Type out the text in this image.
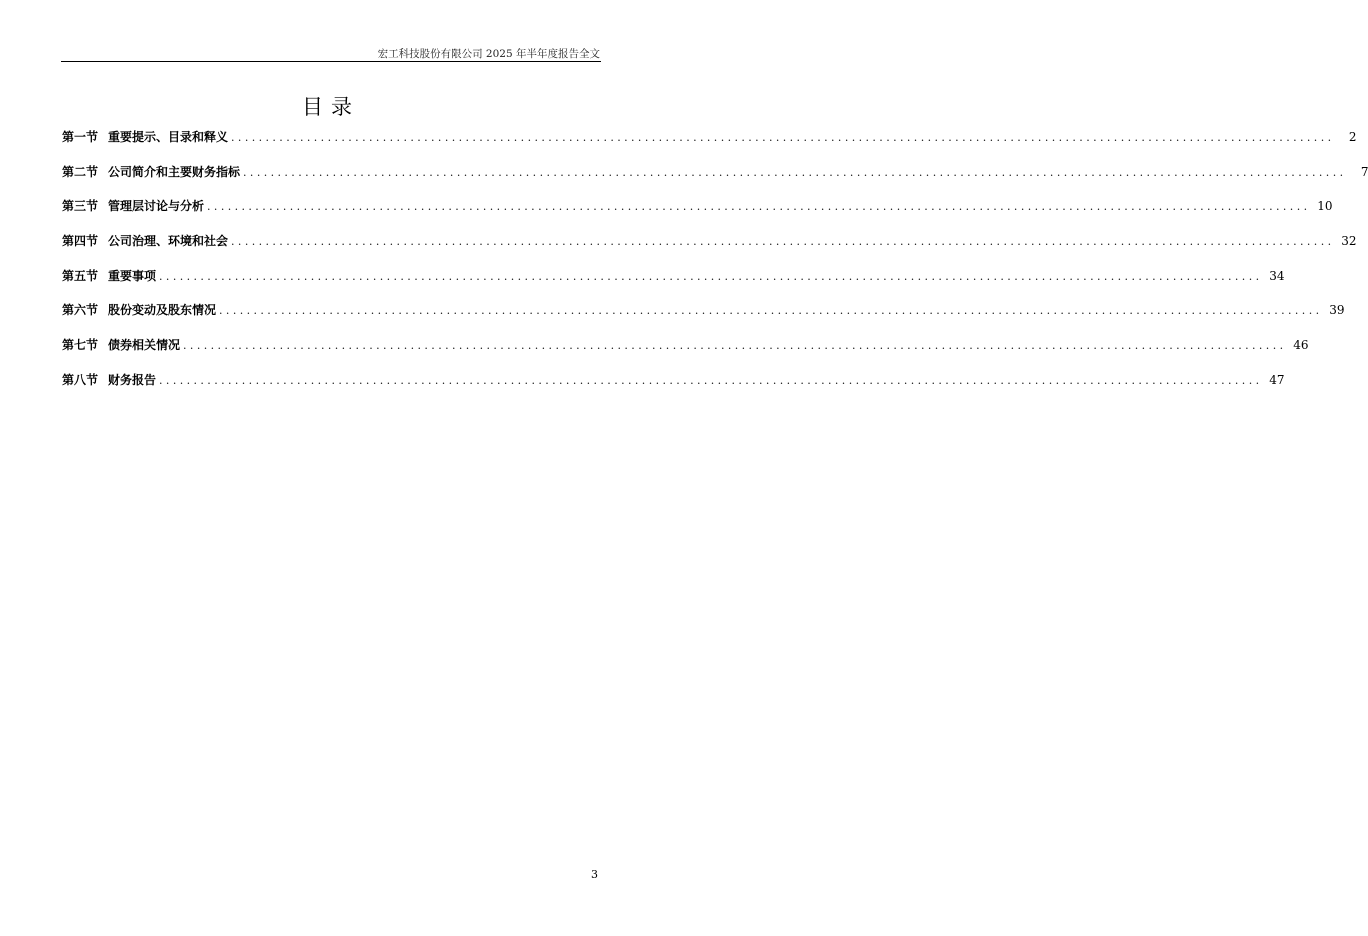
宏工科技股份有限公司 2025 年半年度报告全文
目录
第一节 重要提示、目录和释义 ................................................................................................................................................................	2
第二节 公司简介和主要财务指标 ................................................................................................................................................................	7
第三节 管理层讨论与分析 ................................................................................................................................................................ 10
第四节 公司治理、环境和社会 ................................................................................................................................................................ 32
第五节 重要事项 ................................................................................................................................................................ 34
第六节 股份变动及股东情况 ................................................................................................................................................................ 39
第七节 债券相关情况 ................................................................................................................................................................ 46
第八节 财务报告 ................................................................................................................................................................ 47
3
